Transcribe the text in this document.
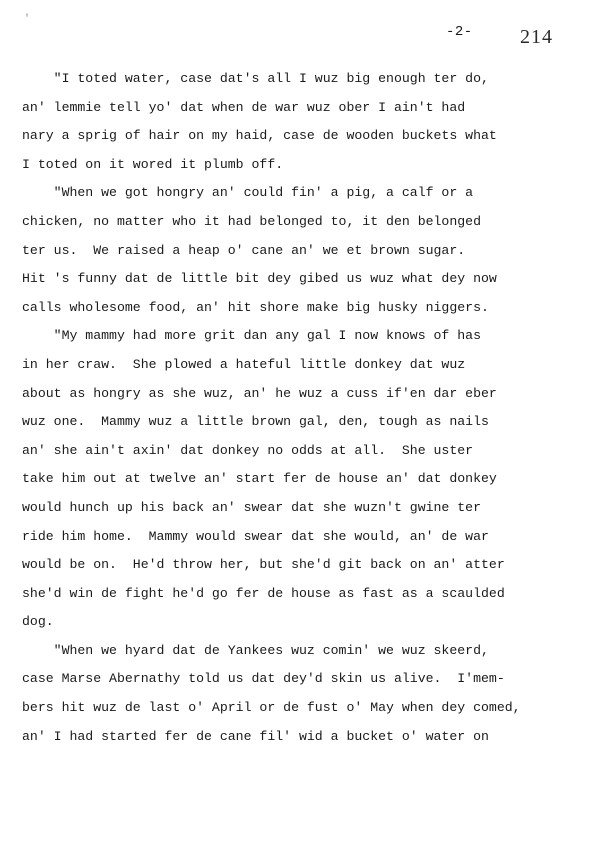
'
-2- 214
"I toted water, case dat's all I wuz big enough ter do,
an' lemmie tell yo' dat when de war wuz ober I ain't had
nary a sprig of hair on my haid, case de wooden buckets what
I toted on it wored it plumb off.
"When we got hongry an' could fin' a pig, a calf or a
chicken, no matter who it had belonged to, it den belonged
ter us.  We raised a heap o' cane an' we et brown sugar.
Hit 's funny dat de little bit dey gibed us wuz what dey now
calls wholesome food, an' hit shore make big husky niggers.
"My mammy had more grit dan any gal I now knows of has
in her craw.  She plowed a hateful little donkey dat wuz
about as hongry as she wuz, an' he wuz a cuss if'en dar eber
wuz one.  Mammy wuz a little brown gal, den, tough as nails
an' she ain't axin' dat donkey no odds at all.  She uster
take him out at twelve an' start fer de house an' dat donkey
would hunch up his back an' swear dat she wuzn't gwine ter
ride him home.  Mammy would swear dat she would, an' de war
would be on.  He'd throw her, but she'd git back on an' atter
she'd win de fight he'd go fer de house as fast as a scaulded
dog.
"When we hyard dat de Yankees wuz comin' we wuz skeerd,
case Marse Abernathy told us dat dey'd skin us alive.  I'mem-
bers hit wuz de last o' April or de fust o' May when dey comed,
an' I had started fer de cane fil' wid a bucket o' water on
